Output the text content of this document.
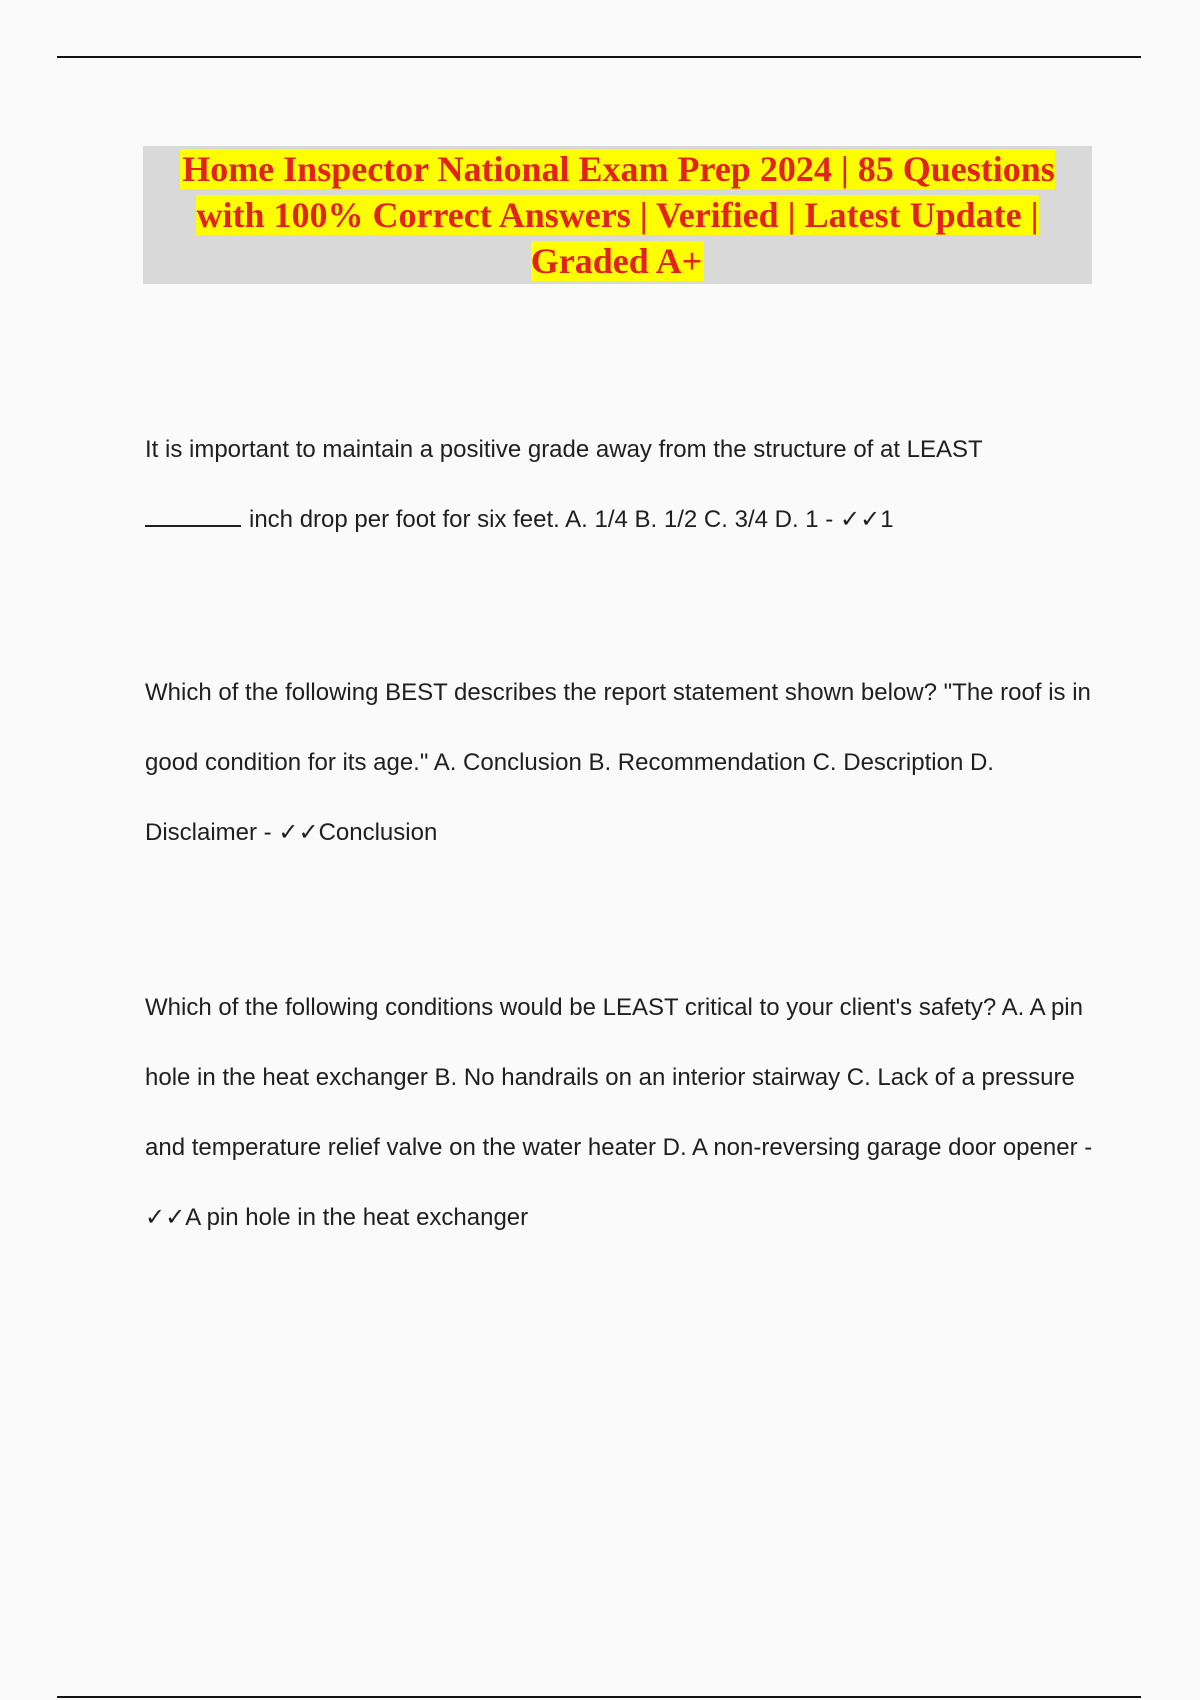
Home Inspector National Exam Prep 2024 | 85 Questions with 100% Correct Answers | Verified | Latest Update | Graded A+

It is important to maintain a positive grade away from the structure of at LEAST
inch drop per foot for six feet. A. 1/4 B. 1/2 C. 3/4 D. 1 - ✓✓1

Which of the following BEST describes the report statement shown below? "The roof is in good condition for its age." A. Conclusion B. Recommendation C. Description D. Disclaimer - ✓✓Conclusion

Which of the following conditions would be LEAST critical to your client's safety? A. A pin hole in the heat exchanger B. No handrails on an interior stairway C. Lack of a pressure and temperature relief valve on the water heater D. A non-reversing garage door opener - ✓✓A pin hole in the heat exchanger
